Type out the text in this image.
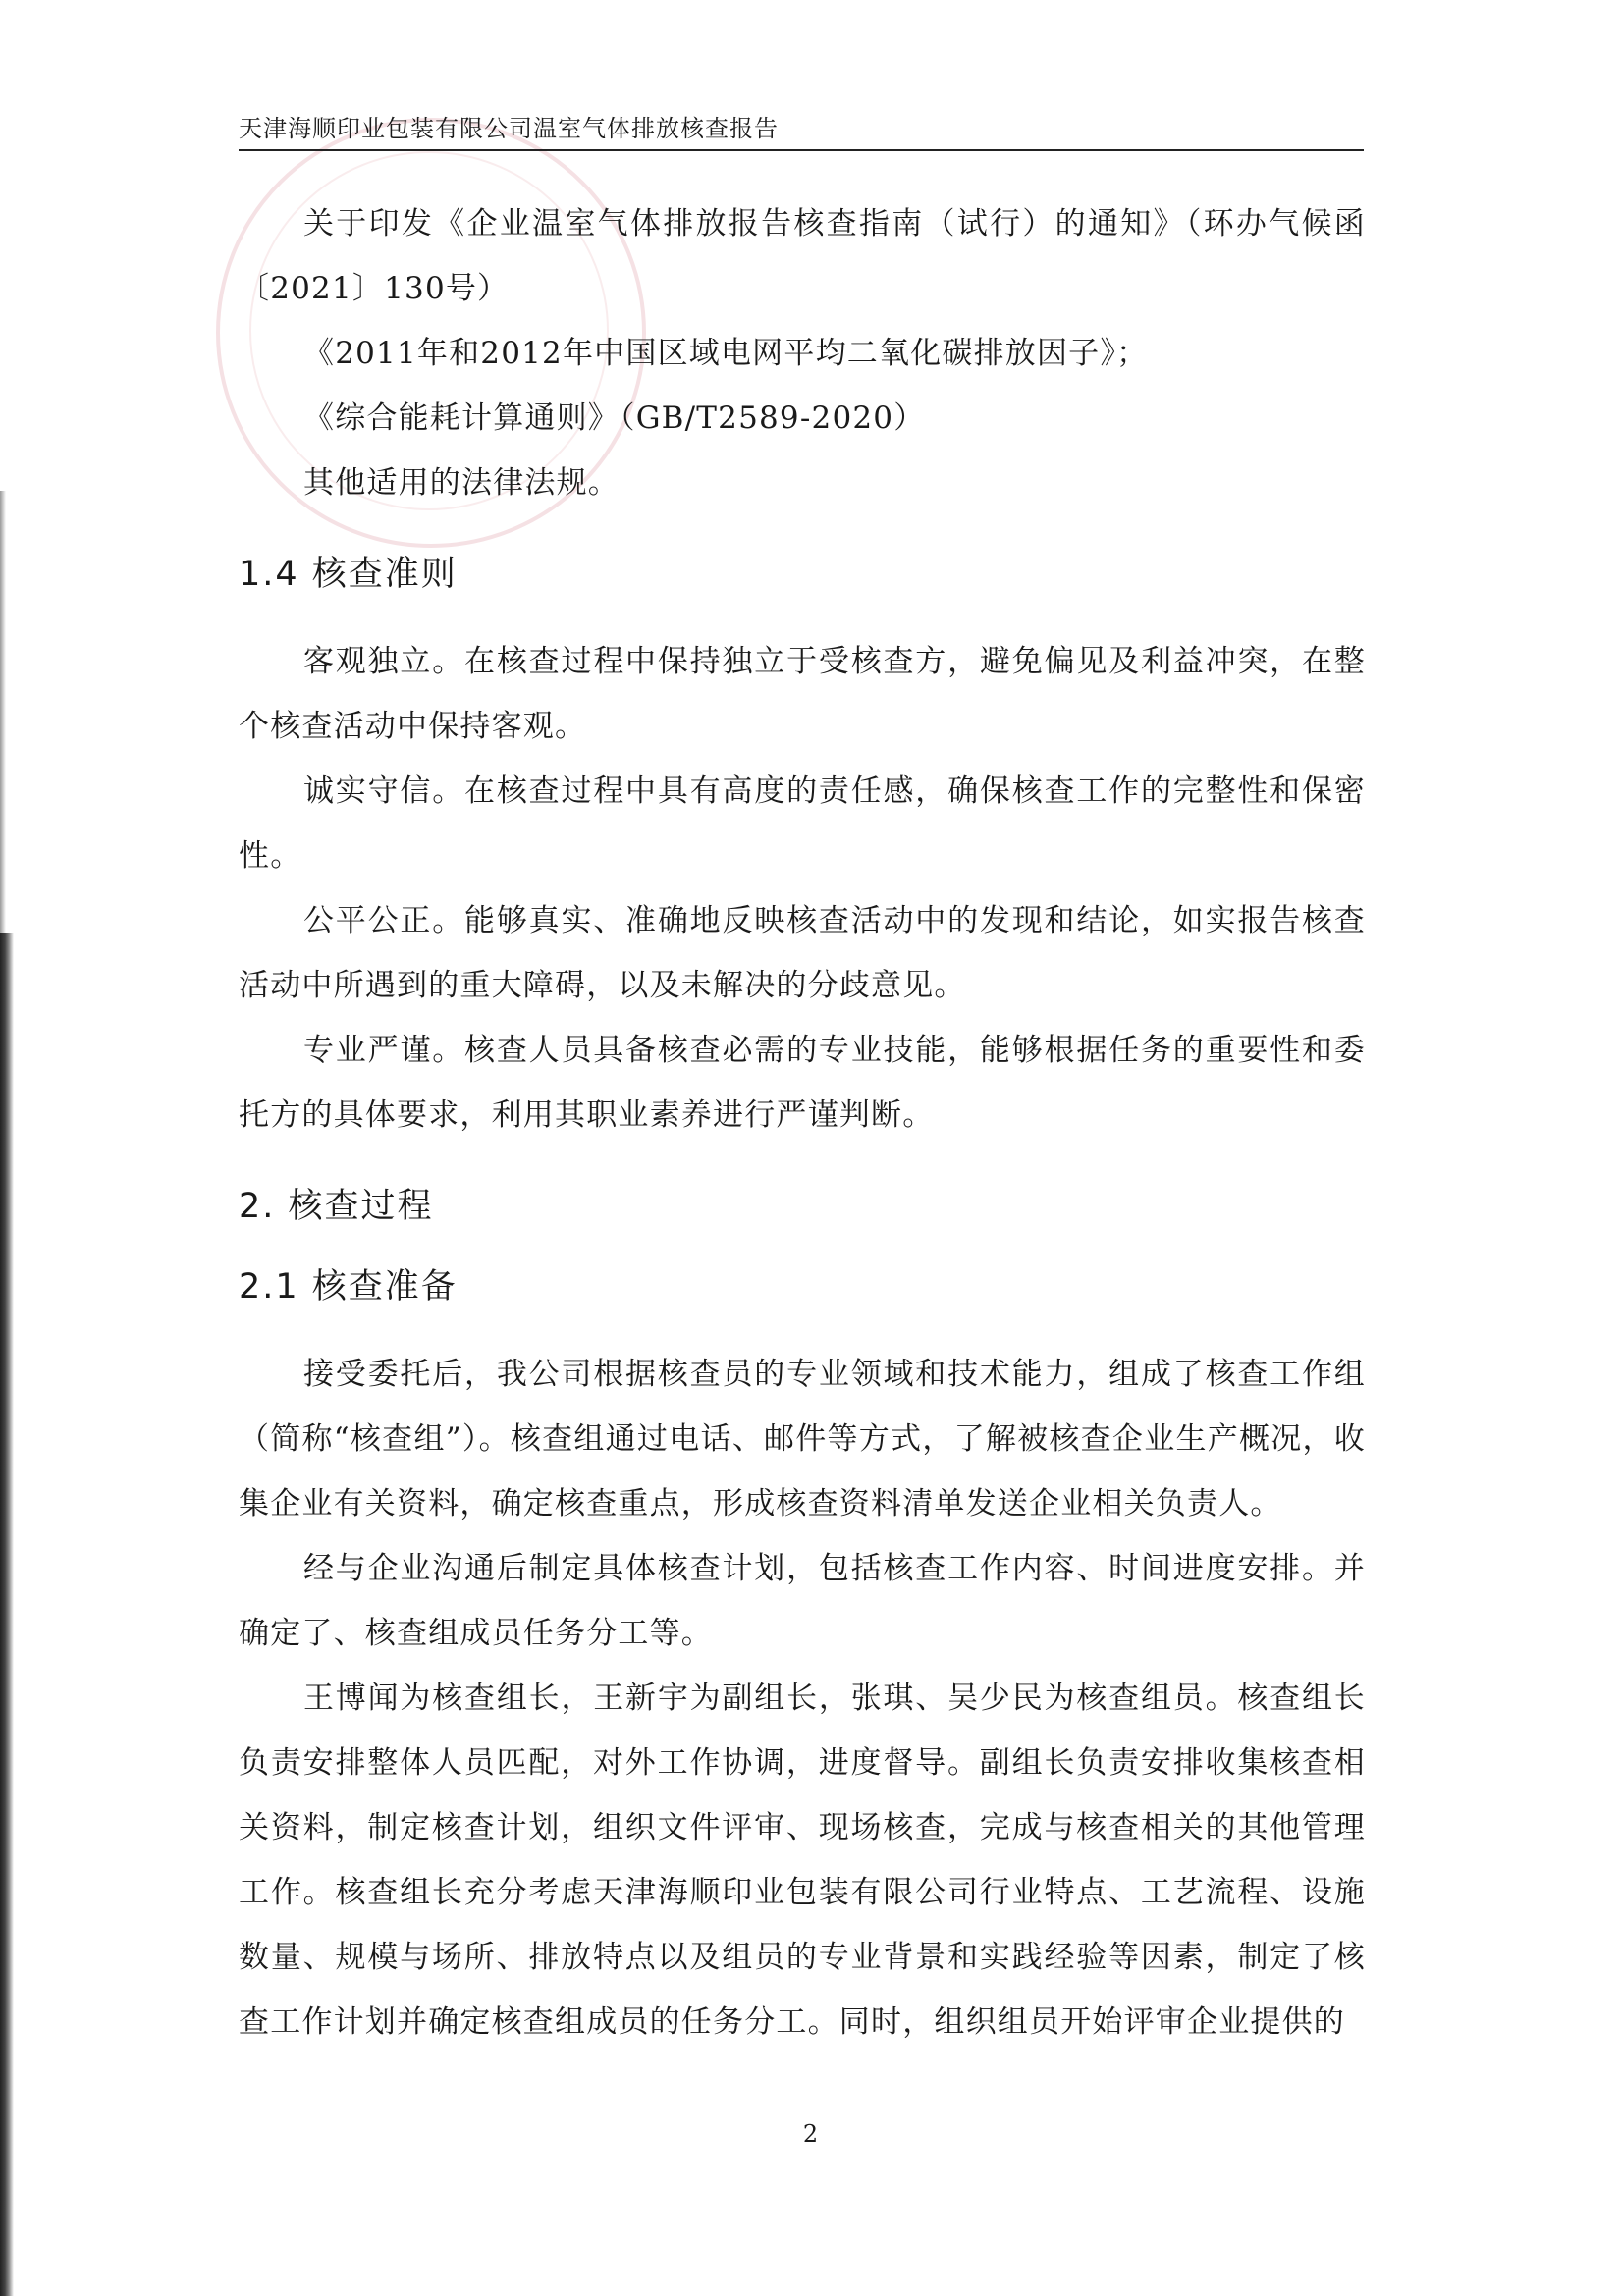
天津海顺印业包装有限公司温室气体排放核查报告

关于印发《企业温室气体排放报告核查指南（试行）的通知》（环办气候函〔2021〕130号）

《2011年和2012年中国区域电网平均二氧化碳排放因子》；

《综合能耗计算通则》（GB/T2589-2020）

其他适用的法律法规。

1.4 核查准则

客观独立。在核查过程中保持独立于受核查方，避免偏见及利益冲突，在整个核查活动中保持客观。

诚实守信。在核查过程中具有高度的责任感，确保核查工作的完整性和保密性。

公平公正。能够真实、准确地反映核查活动中的发现和结论，如实报告核查活动中所遇到的重大障碍，以及未解决的分歧意见。

专业严谨。核查人员具备核查必需的专业技能，能够根据任务的重要性和委托方的具体要求，利用其职业素养进行严谨判断。

2. 核查过程
2.1 核查准备

接受委托后，我公司根据核查员的专业领域和技术能力，组成了核查工作组（简称“核查组”）。核查组通过电话、邮件等方式，了解被核查企业生产概况，收集企业有关资料，确定核查重点，形成核查资料清单发送企业相关负责人。

经与企业沟通后制定具体核查计划，包括核查工作内容、时间进度安排。并确定了、核查组成员任务分工等。

王博闻为核查组长，王新宇为副组长，张琪、吴少民为核查组员。核查组长负责安排整体人员匹配，对外工作协调，进度督导。副组长负责安排收集核查相关资料，制定核查计划，组织文件评审、现场核查，完成与核查相关的其他管理工作。核查组长充分考虑天津海顺印业包装有限公司行业特点、工艺流程、设施数量、规模与场所、排放特点以及组员的专业背景和实践经验等因素，制定了核查工作计划并确定核查组成员的任务分工。同时，组织组员开始评审企业提供的

2
